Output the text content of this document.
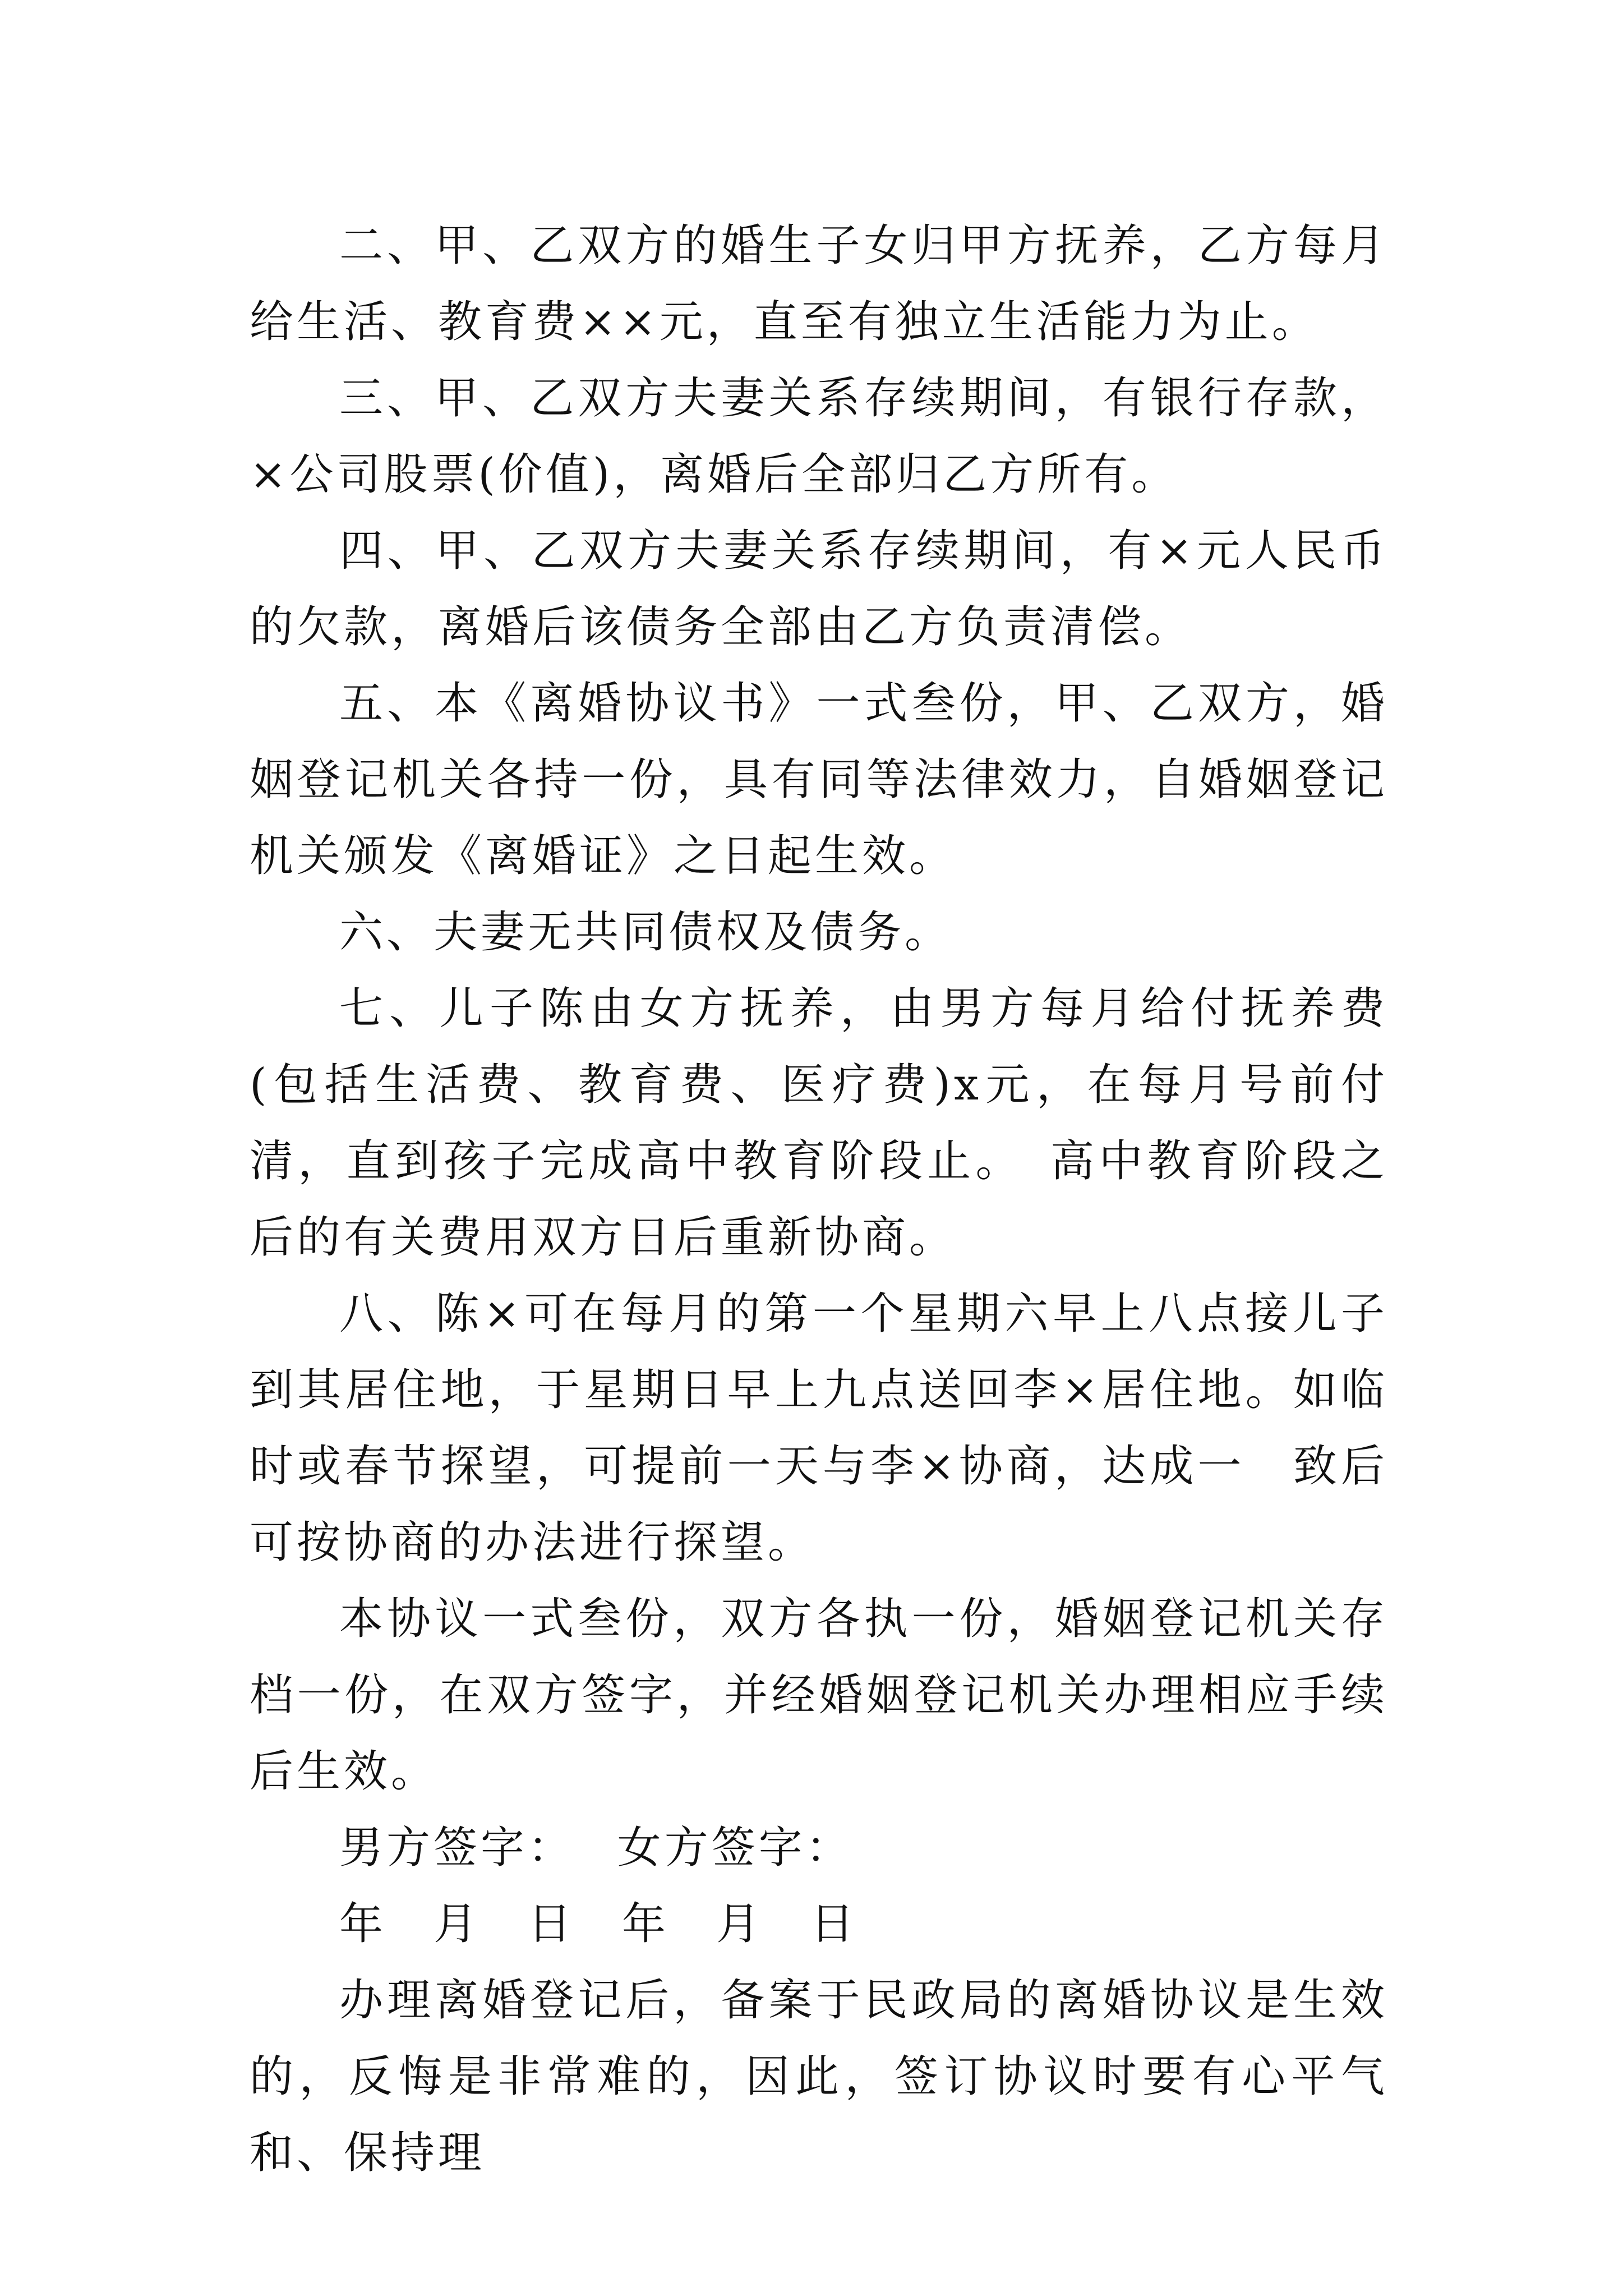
二、甲、乙双方的婚生子女归甲方抚养，乙方每月给生活、教育费××元，直至有独立生活能力为止。

三、甲、乙双方夫妻关系存续期间，有银行存款，×公司股票(价值)，离婚后全部归乙方所有。

四、甲、乙双方夫妻关系存续期间，有×元人民币的欠款，离婚后该债务全部由乙方负责清偿。

五、本《离婚协议书》一式叁份，甲、乙双方，婚姻登记机关各持一份，具有同等法律效力，自婚姻登记机关颁发《离婚证》之日起生效。

六、夫妻无共同债权及债务。

七、儿子陈由女方抚养，由男方每月给付抚养费(包括生活费、教育费、医疗费)x元，在每月号前付清，直到孩子完成高中教育阶段止。　高中教育阶段之后的有关费用双方日后重新协商。

八、陈×可在每月的第一个星期六早上八点接儿子到其居住地，于星期日早上九点送回李×居住地。如临时或春节探望，可提前一天与李×协商，达成一　致后可按协商的办法进行探望。

本协议一式叁份，双方各执一份，婚姻登记机关存档一份，在双方签字，并经婚姻登记机关办理相应手续后生效。

男方签字：　 女方签字：

年　月　日　年　月　日

办理离婚登记后，备案于民政局的离婚协议是生效的，反悔是非常难的，因此，签订协议时要有心平气和、保持理
